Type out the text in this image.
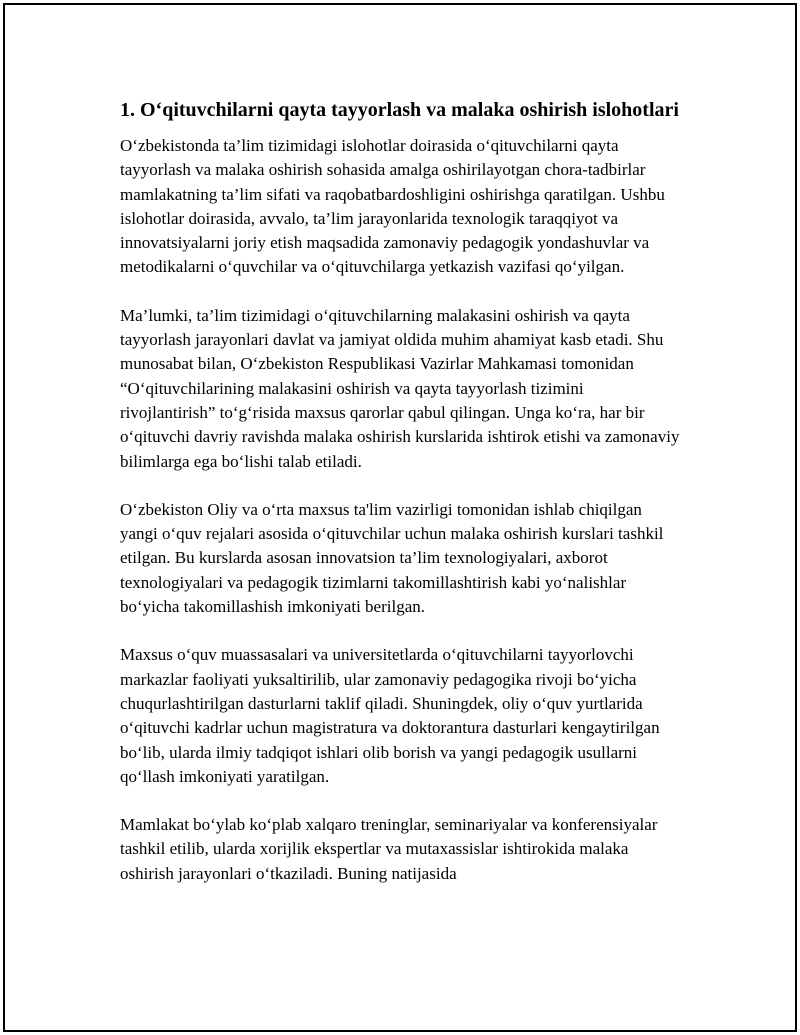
1. O‘qituvchilarni qayta tayyorlash va malaka oshirish islohotlari

O‘zbekistonda ta’lim tizimidagi islohotlar doirasida o‘qituvchilarni qayta tayyorlash va malaka oshirish sohasida amalga oshirilayotgan chora-tadbirlar mamlakatning ta’lim sifati va raqobatbardoshligini oshirishga qaratilgan. Ushbu islohotlar doirasida, avvalo, ta’lim jarayonlarida texnologik taraqqiyot va innovatsiyalarni joriy etish maqsadida zamonaviy pedagogik yondashuvlar va metodikalarni o‘quvchilar va o‘qituvchilarga yetkazish vazifasi qo‘yilgan.

Ma’lumki, ta’lim tizimidagi o‘qituvchilarning malakasini oshirish va qayta tayyorlash jarayonlari davlat va jamiyat oldida muhim ahamiyat kasb etadi. Shu munosabat bilan, O‘zbekiston Respublikasi Vazirlar Mahkamasi tomonidan “O‘qituvchilarining malakasini oshirish va qayta tayyorlash tizimini rivojlantirish” to‘g‘risida maxsus qarorlar qabul qilingan. Unga ko‘ra, har bir o‘qituvchi davriy ravishda malaka oshirish kurslarida ishtirok etishi va zamonaviy bilimlarga ega bo‘lishi talab etiladi.

O‘zbekiston Oliy va o‘rta maxsus ta'lim vazirligi tomonidan ishlab chiqilgan yangi o‘quv rejalari asosida o‘qituvchilar uchun malaka oshirish kurslari tashkil etilgan. Bu kurslarda asosan innovatsion ta’lim texnologiyalari, axborot texnologiyalari va pedagogik tizimlarni takomillashtirish kabi yo‘nalishlar bo‘yicha takomillashish imkoniyati berilgan.

Maxsus o‘quv muassasalari va universitetlarda o‘qituvchilarni tayyorlovchi markazlar faoliyati yuksaltirilib, ular zamonaviy pedagogika rivoji bo‘yicha chuqurlashtirilgan dasturlarni taklif qiladi. Shuningdek, oliy o‘quv yurtlarida o‘qituvchi kadrlar uchun magistratura va doktorantura dasturlari kengaytirilgan bo‘lib, ularda ilmiy tadqiqot ishlari olib borish va yangi pedagogik usullarni qo‘llash imkoniyati yaratilgan.

Mamlakat bo‘ylab ko‘plab xalqaro treninglar, seminariyalar va konferensiyalar tashkil etilib, ularda xorijlik ekspertlar va mutaxassislar ishtirokida malaka oshirish jarayonlari o‘tkaziladi. Buning natijasida
